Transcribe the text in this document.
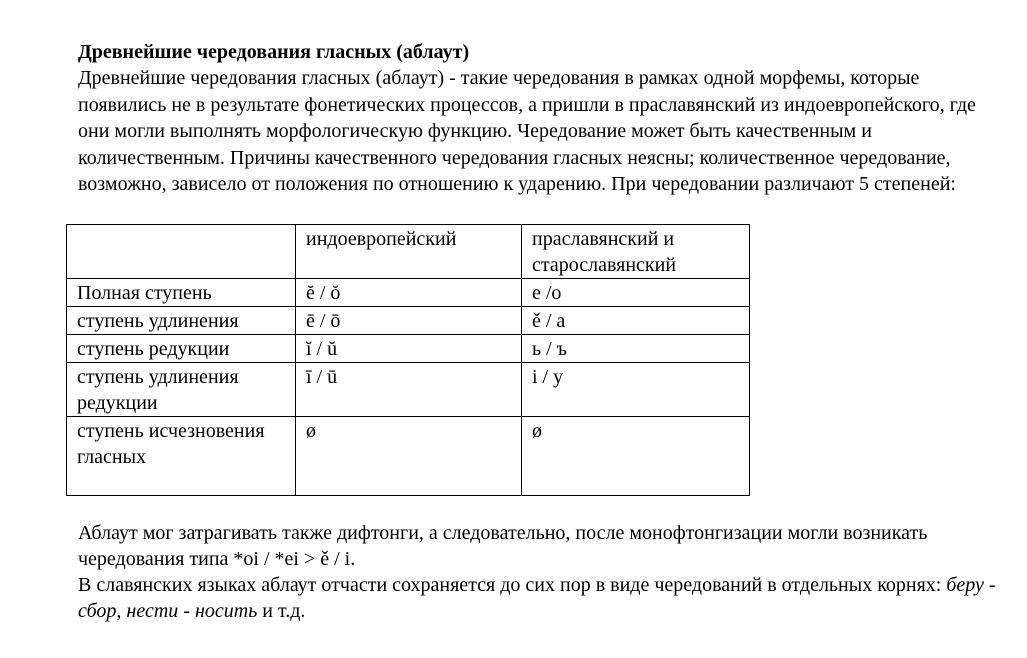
Древнейшие чередования гласных (аблаут)

Древнейшие чередования гласных (аблаут) - такие чередования в рамках одной морфемы, которые появились не в результате фонетических процессов, а пришли в праславянский из индоевропейского, где они могли выполнять морфологическую функцию. Чередование может быть качественным и количественным. Причины качественного чередования гласных неясны; количественное чередование, возможно, зависело от положения по отношению к ударению. При чередовании различают 5 степеней:

	индоевропейский	праславянский и старославянский
Полная ступень	ĕ / ŏ	е /о
ступень удлинения	ē / ō	ě / а
ступень редукции	ĭ / ŭ	ь / ъ
ступень удлинения редукции	ī / ū	i / у
ступень исчезновения гласных	ø	ø

Аблаут мог затрагивать также дифтонги, а следовательно, после монофтонгизации могли возникать чередования типа *oi / *ei > ě / i.

В славянских языках аблаут отчасти сохраняется до сих пор в виде чередований в отдельных корнях: беру - сбор, нести - носить и т.д.
